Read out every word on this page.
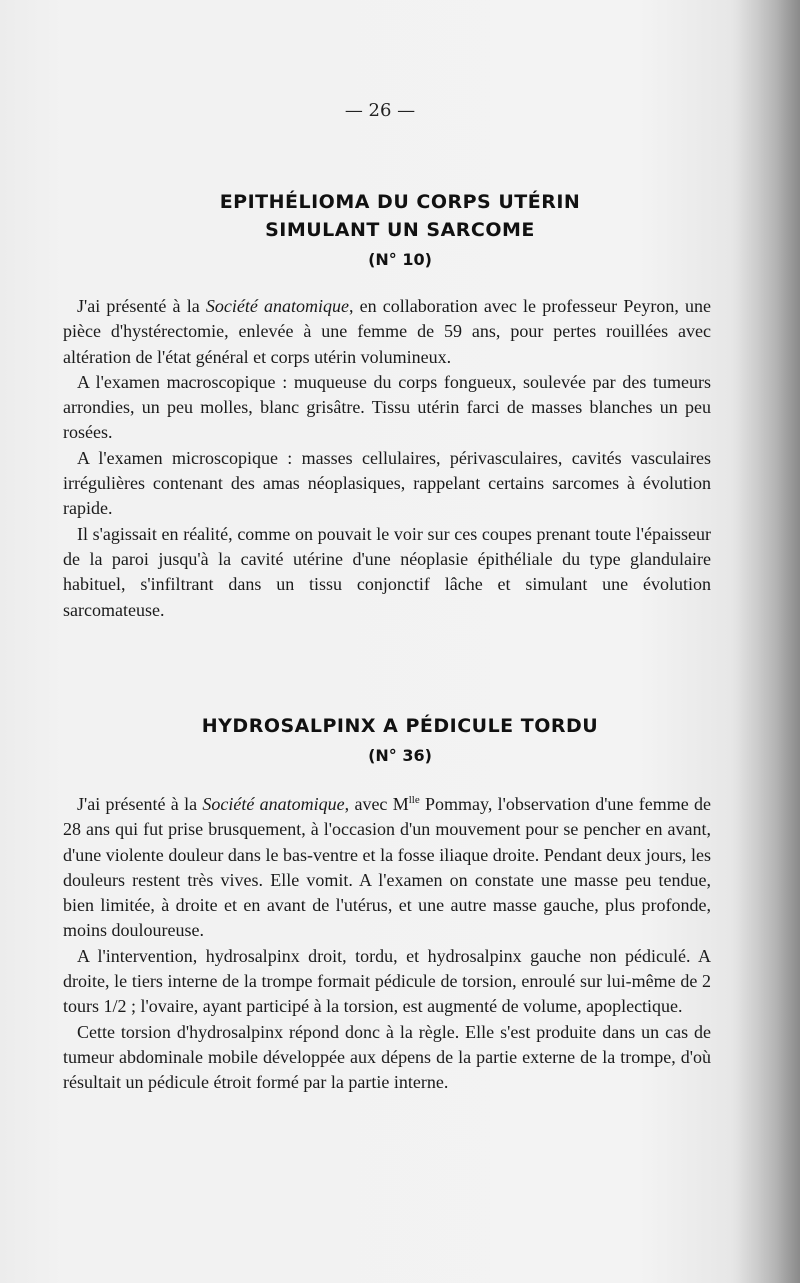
— 26 —
EPITHÉLIOMA DU CORPS UTÉRIN
SIMULANT UN SARCOME
(N° 10)

J'ai présenté à la Société anatomique, en collaboration avec le professeur Peyron, une pièce d'hystérectomie, enlevée à une femme de 59 ans, pour pertes rouillées avec altération de l'état général et corps utérin volumineux.

A l'examen macroscopique : muqueuse du corps fongueux, soulevée par des tumeurs arrondies, un peu molles, blanc grisâtre. Tissu utérin farci de masses blanches un peu rosées.

A l'examen microscopique : masses cellulaires, périvasculaires, cavités vasculaires irrégulières contenant des amas néoplasiques, rappelant certains sarcomes à évolution rapide.

Il s'agissait en réalité, comme on pouvait le voir sur ces coupes prenant toute l'épaisseur de la paroi jusqu'à la cavité utérine d'une néoplasie épithéliale du type glandulaire habituel, s'infiltrant dans un tissu conjonctif lâche et simulant une évolution sarcomateuse.

HYDROSALPINX A PÉDICULE TORDU
(N° 36)

J'ai présenté à la Société anatomique, avec $M^{lle}$ Pommay, l'observation d'une femme de 28 ans qui fut prise brusquement, à l'occasion d'un mouvement pour se pencher en avant, d'une violente douleur dans le bas-ventre et la fosse iliaque droite. Pendant deux jours, les douleurs restent très vives. Elle vomit. A l'examen on constate une masse peu tendue, bien limitée, à droite et en avant de l'utérus, et une autre masse gauche, plus profonde, moins douloureuse.

A l'intervention, hydrosalpinx droit, tordu, et hydrosalpinx gauche non pédiculé. A droite, le tiers interne de la trompe formait pédicule de torsion, enroulé sur lui-même de 2 tours 1/2 ; l'ovaire, ayant participé à la torsion, est augmenté de volume, apoplectique.

Cette torsion d'hydrosalpinx répond donc à la règle. Elle s'est produite dans un cas de tumeur abdominale mobile développée aux dépens de la partie externe de la trompe, d'où résultait un pédicule étroit formé par la partie interne.
